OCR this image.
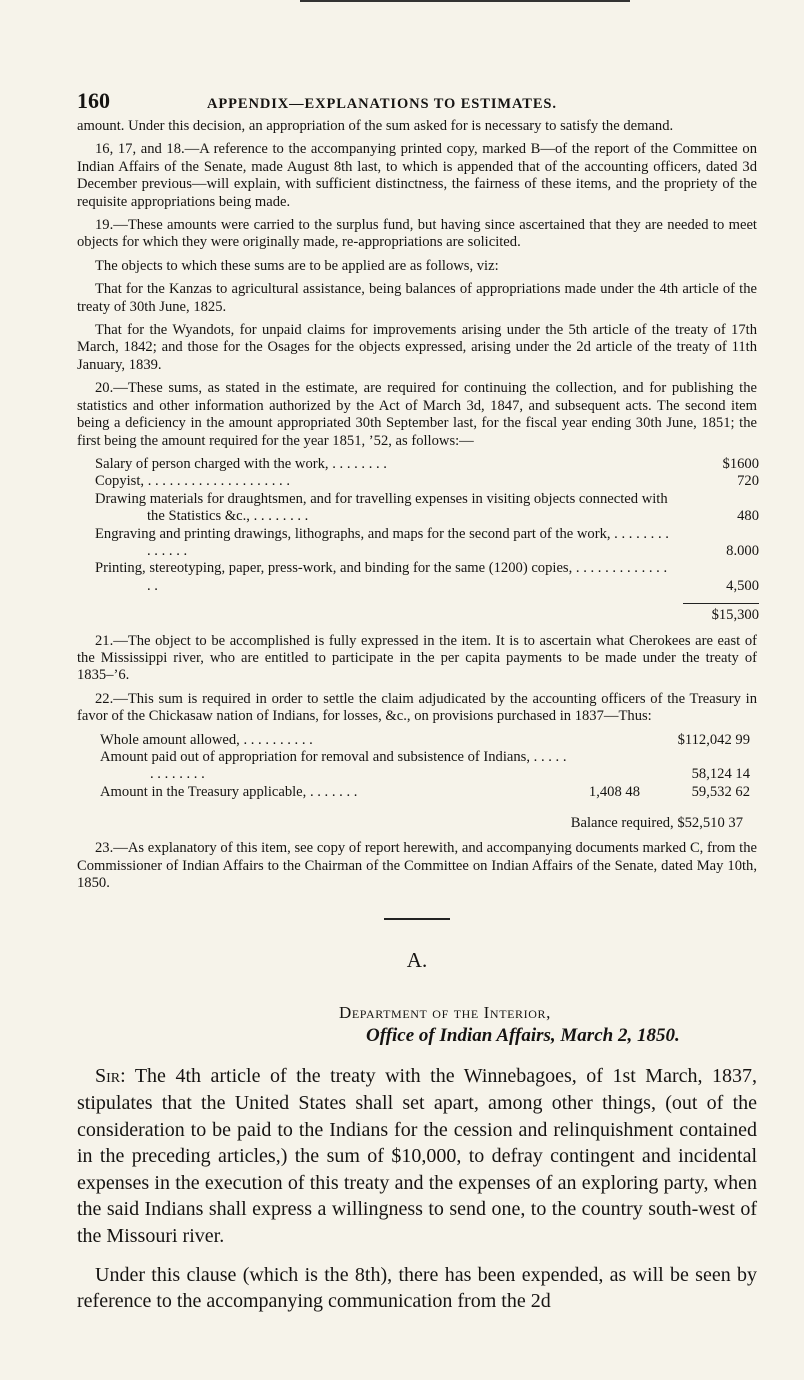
160	APPENDIX—EXPLANATIONS TO ESTIMATES.

amount. Under this decision, an appropriation of the sum asked for is necessary to satisfy the demand.

16, 17, and 18.—A reference to the accompanying printed copy, marked B—of the report of the Committee on Indian Affairs of the Senate, made August 8th last, to which is appended that of the accounting officers, dated 3d December previous—will explain, with sufficient distinctness, the fairness of these items, and the propriety of the requisite appropriations being made.

19.—These amounts were carried to the surplus fund, but having since ascertained that they are needed to meet objects for which they were originally made, re-appropriations are solicited.

The objects to which these sums are to be applied are as follows, viz:

That for the Kanzas to agricultural assistance, being balances of appropriations made under the 4th article of the treaty of 30th June, 1825.

That for the Wyandots, for unpaid claims for improvements arising under the 5th article of the treaty of 17th March, 1842; and those for the Osages for the objects expressed, arising under the 2d article of the treaty of 11th January, 1839.

20.—These sums, as stated in the estimate, are required for continuing the collection, and for publishing the statistics and other information authorized by the Act of March 3d, 1847, and subsequent acts. The second item being a deficiency in the amount appropriated 30th September last, for the fiscal year ending 30th June, 1851; the first being the amount required for the year 1851, ’52, as follows:—

Salary of person charged with the work, . . . . . . . .	$1600
Copyist, . . . . . . . . . . . . . . . . . . . .	720
Drawing materials for draughtsmen, and for travelling expenses in visiting objects connected with the Statistics &c., . . . . . . . .	480
Engraving and printing drawings, lithographs, and maps for the second part of the work, . . . . . . . . . . . . . .	8.000
Printing, stereotyping, paper, press-work, and binding for the same (1200) copies, . . . . . . . . . . . . . . .	4,500
$15,300

21.—The object to be accomplished is fully expressed in the item. It is to ascertain what Cherokees are east of the Mississippi river, who are entitled to participate in the per capita payments to be made under the treaty of 1835–’6.

22.—This sum is required in order to settle the claim adjudicated by the accounting officers of the Treasury in favor of the Chickasaw nation of Indians, for losses, &c., on provisions purchased in 1837—Thus:

Whole amount allowed, . . . . . . . . . .	$112,042 99
Amount paid out of appropriation for removal and subsistence of Indians, . . . . . . . . . . . . .	58,124 14
Amount in the Treasury applicable, . . . . . . .	1,408 48	59,532 62
Balance required, $52,510 37

23.—As explanatory of this item, see copy of report herewith, and accompanying documents marked C, from the Commissioner of Indian Affairs to the Chairman of the Committee on Indian Affairs of the Senate, dated May 10th, 1850.

A.
Department of the Interior,
Office of Indian Affairs, March 2, 1850.

Sir: The 4th article of the treaty with the Winnebagoes, of 1st March, 1837, stipulates that the United States shall set apart, among other things, (out of the consideration to be paid to the Indians for the cession and relinquishment contained in the preceding articles,) the sum of $10,000, to defray contingent and incidental expenses in the execution of this treaty and the expenses of an exploring party, when the said Indians shall express a willingness to send one, to the country south-west of the Missouri river.

Under this clause (which is the 8th), there has been expended, as will be seen by reference to the accompanying communication from the 2d
